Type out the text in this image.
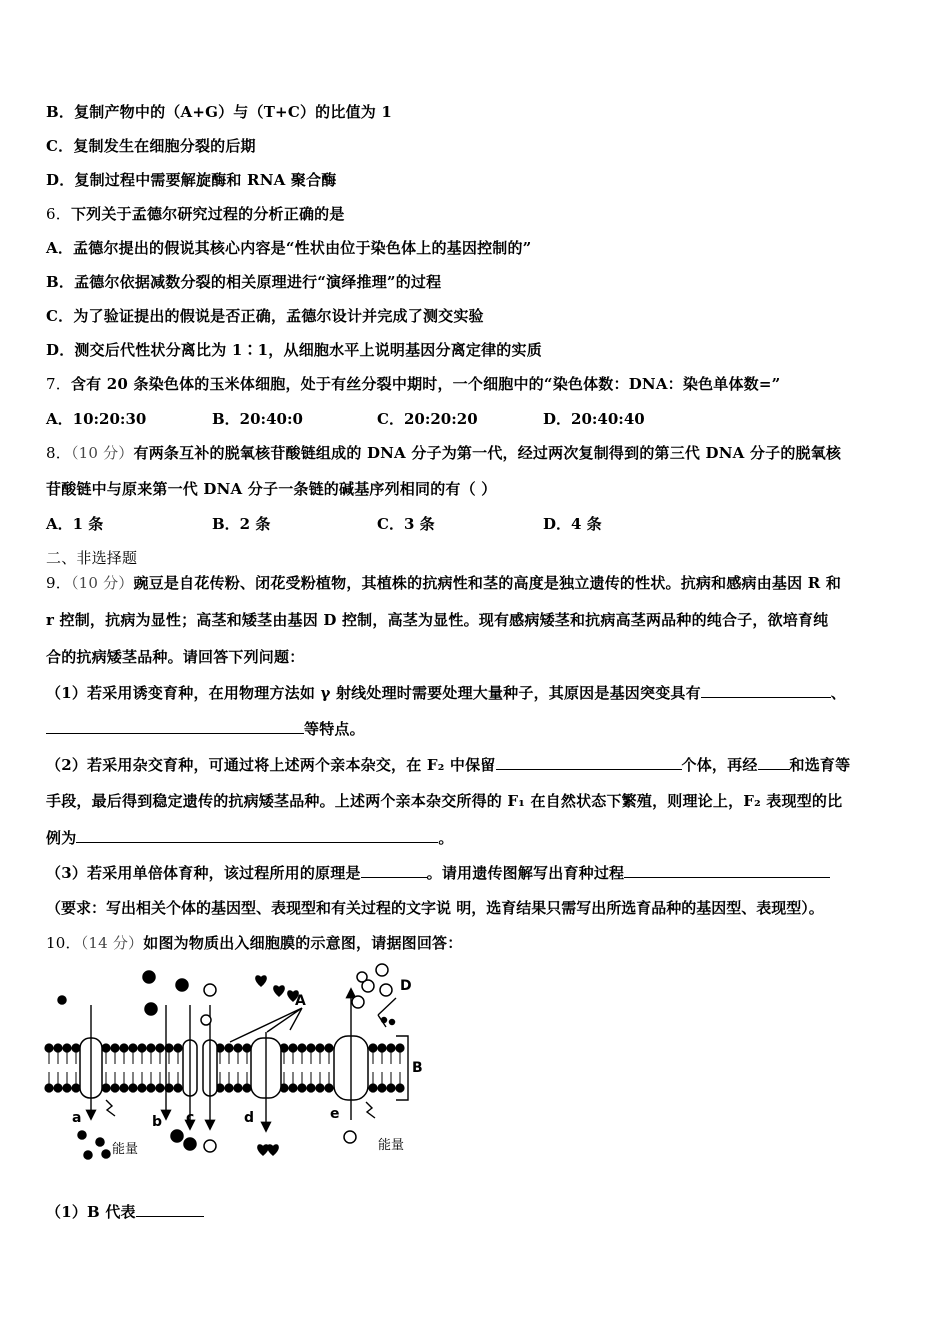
B．复制产物中的（A+G）与（T+C）的比值为 1
C．复制发生在细胞分裂的后期
D．复制过程中需要解旋酶和 RNA 聚合酶
6．下列关于孟德尔研究过程的分析正确的是
A．孟德尔提出的假说其核心内容是“性状由位于染色体上的基因控制的”
B．孟德尔依据减数分裂的相关原理进行“演绎推理”的过程
C．为了验证提出的假说是否正确，孟德尔设计并完成了测交实验
D．测交后代性状分离比为 1∶1，从细胞水平上说明基因分离定律的实质
7．含有 20 条染色体的玉米体细胞，处于有丝分裂中期时，一个细胞中的“染色体数：DNA：染色单体数=”
A．10:20:30	B．20:40:0	C．20:20:20	D．20:40:40
8．（10 分）有两条互补的脱氧核苷酸链组成的 DNA 分子为第一代，经过两次复制得到的第三代 DNA 分子的脱氧核
苷酸链中与原来第一代 DNA 分子一条链的碱基序列相同的有（ ）
A．1 条	B．2 条	C．3 条	D．4 条
二、非选择题
9．（10 分）豌豆是自花传粉、闭花受粉植物，其植株的抗病性和茎的高度是独立遗传的性状。抗病和感病由基因 R 和
r 控制，抗病为显性；高茎和矮茎由基因 D 控制，高茎为显性。现有感病矮茎和抗病高茎两品种的纯合子，欲培育纯
合的抗病矮茎品种。请回答下列问题：
（1）若采用诱变育种，在用物理方法如 γ 射线处理时需要处理大量种子，其原因是基因突变具有	、
等特点。
（2）若采用杂交育种，可通过将上述两个亲本杂交，在 F₂ 中保留	个体，再经 和选育等
手段，最后得到稳定遗传的抗病矮茎品种。上述两个亲本杂交所得的 F₁ 在自然状态下繁殖，则理论上，F₂ 表现型的比
例为	。
（3）若采用单倍体育种，该过程所用的原理是	。请用遗传图解写出育种过程
（要求：写出相关个体的基因型、表现型和有关过程的文字说 明，选育结果只需写出所选育品种的基因型、表现型）。
10．（14 分）如图为物质出入细胞膜的示意图，请据图回答：
A
B
D
a	b c	d	e
能量	能量
（1）B 代表
